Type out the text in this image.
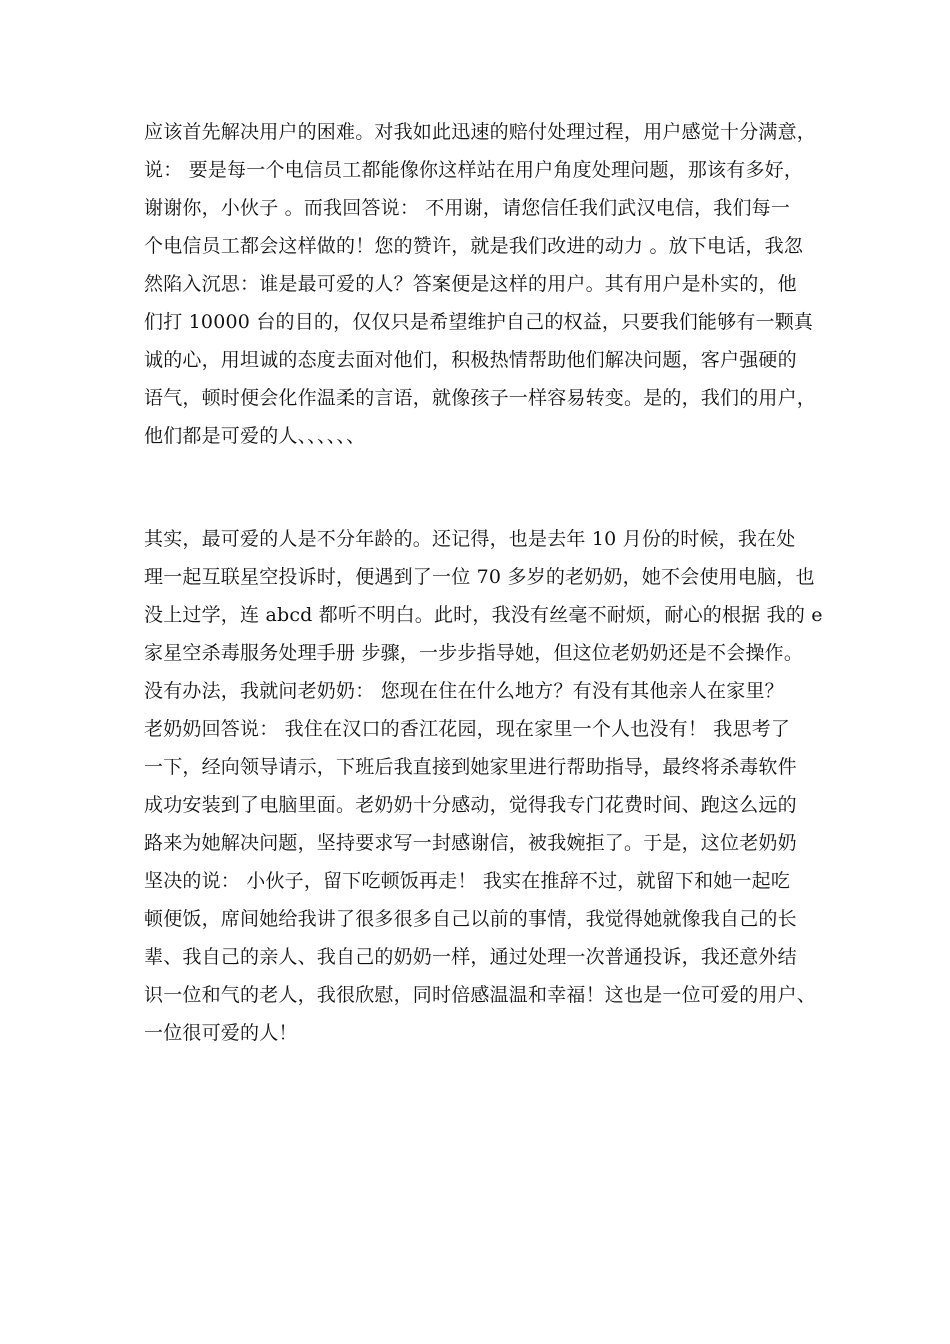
应该首先解决用户的困难。对我如此迅速的赔付处理过程，用户感觉十分满意，

说： 要是每一个电信员工都能像你这样站在用户角度处理问题，那该有多好，

谢谢你，小伙子 。而我回答说： 不用谢，请您信任我们武汉电信，我们每一

个电信员工都会这样做的！您的赞许，就是我们改进的动力 。放下电话，我忽

然陷入沉思：谁是最可爱的人？答案便是这样的用户。其有用户是朴实的，他

们打 10000 台的目的，仅仅只是希望维护自己的权益，只要我们能够有一颗真

诚的心，用坦诚的态度去面对他们，积极热情帮助他们解决问题，客户强硬的

语气，顿时便会化作温柔的言语，就像孩子一样容易转变。是的，我们的用户，

他们都是可爱的人、、、、、、

其实，最可爱的人是不分年龄的。还记得，也是去年 10 月份的时候，我在处

理一起互联星空投诉时，便遇到了一位 70 多岁的老奶奶，她不会使用电脑，也

没上过学，连 abcd 都听不明白。此时，我没有丝毫不耐烦，耐心的根据 我的 e

家星空杀毒服务处理手册 步骤，一步步指导她，但这位老奶奶还是不会操作。

没有办法，我就问老奶奶： 您现在住在什么地方？有没有其他亲人在家里？

老奶奶回答说： 我住在汉口的香江花园，现在家里一个人也没有！ 我思考了

一下，经向领导请示，下班后我直接到她家里进行帮助指导，最终将杀毒软件

成功安装到了电脑里面。老奶奶十分感动，觉得我专门花费时间、跑这么远的

路来为她解决问题，坚持要求写一封感谢信，被我婉拒了。于是，这位老奶奶

坚决的说： 小伙子，留下吃顿饭再走！ 我实在推辞不过，就留下和她一起吃

顿便饭，席间她给我讲了很多很多自己以前的事情，我觉得她就像我自己的长

辈、我自己的亲人、我自己的奶奶一样，通过处理一次普通投诉，我还意外结

识一位和气的老人，我很欣慰，同时倍感温温和幸福！这也是一位可爱的用户、

一位很可爱的人！
